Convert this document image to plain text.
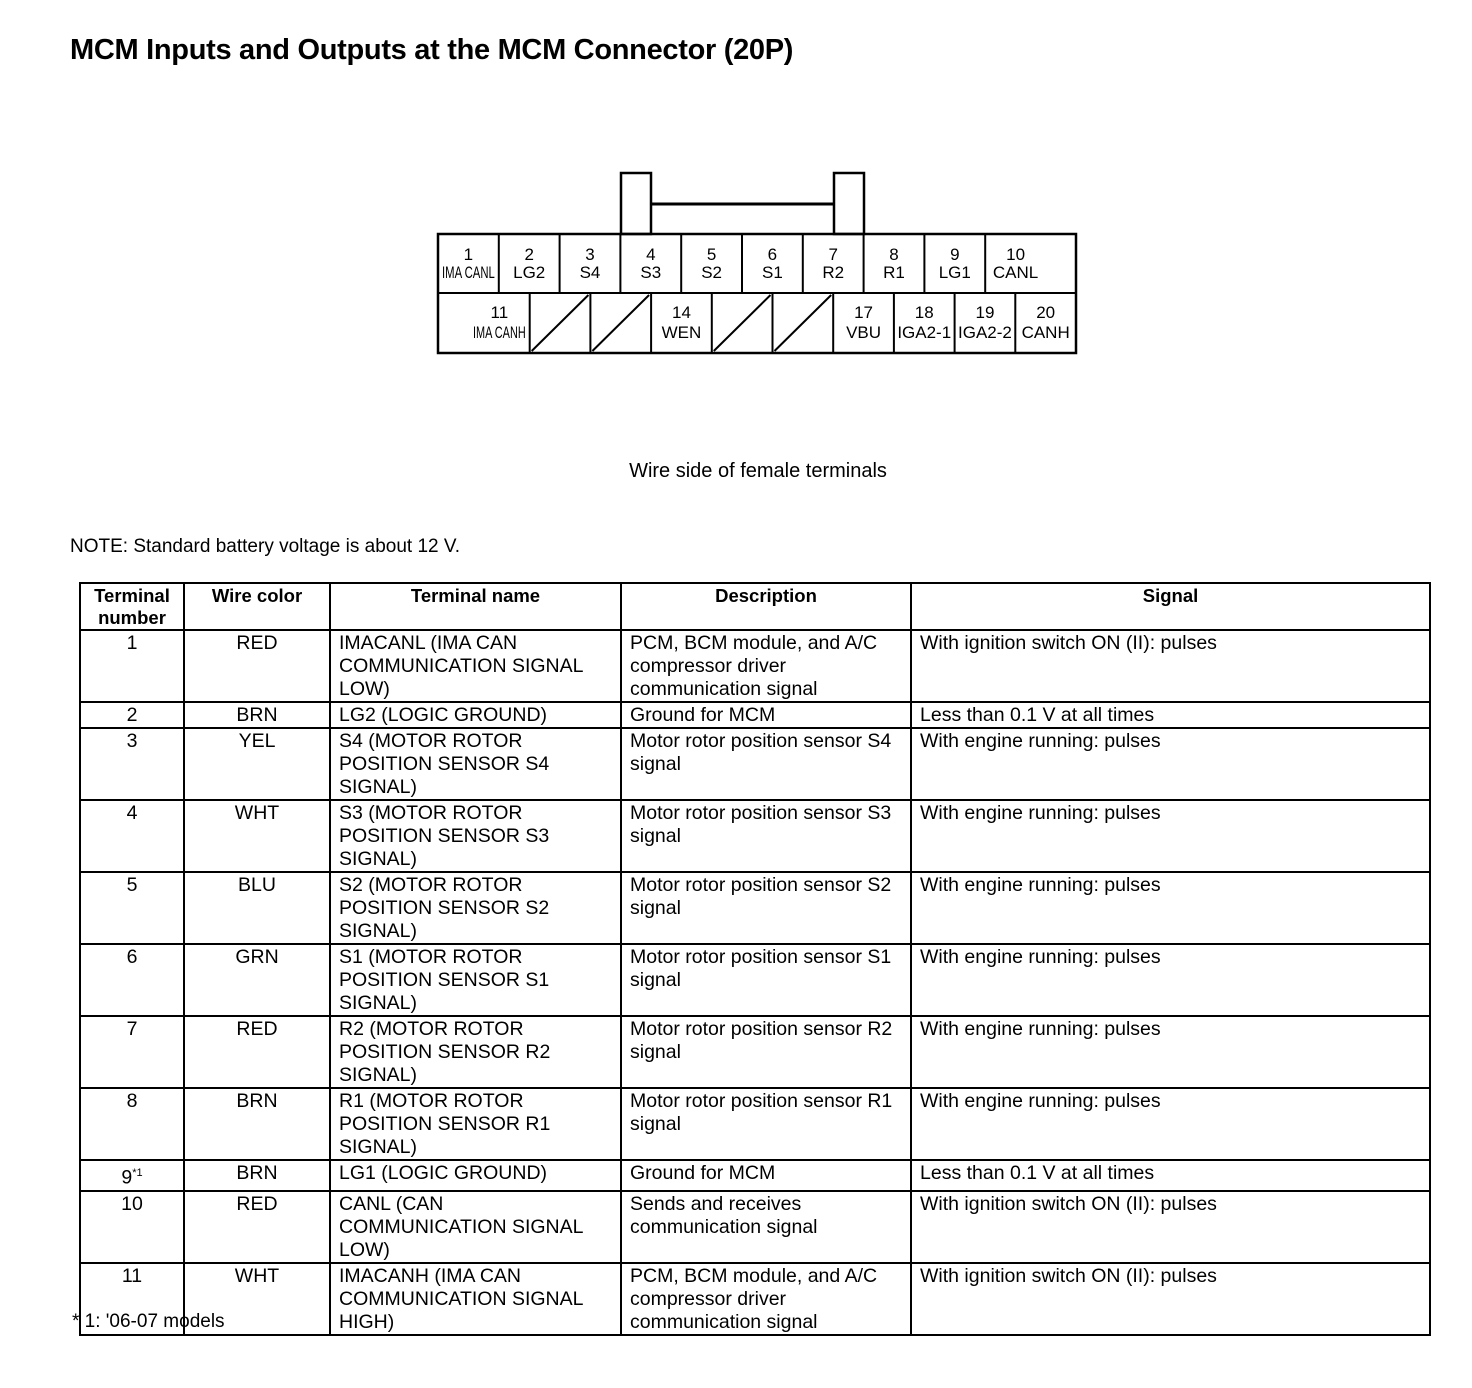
MCM Inputs and Outputs at the MCM Connector (20P)
1
IMA CANL
2
LG2
3
S4
4
S3
5
S2
6
S1
7
R2
8
R1
9
LG1
10
CANL
11
IMA CANH
14
WEN
17
VBU
18
IGA2-1
19
IGA2-2
20
CANH
Wire side of female terminals
NOTE: Standard battery voltage is about 12 V.
Terminal number	Wire color	Terminal name	Description	Signal
1	RED	IMACANL (IMA CAN COMMUNICATION SIGNAL LOW)	PCM, BCM module, and A/C compressor driver communication signal	With ignition switch ON (II): pulses
2	BRN	LG2 (LOGIC GROUND)	Ground for MCM	Less than 0.1 V at all times
3	YEL	S4 (MOTOR ROTOR POSITION SENSOR S4 SIGNAL)	Motor rotor position sensor S4 signal	With engine running: pulses
4	WHT	S3 (MOTOR ROTOR POSITION SENSOR S3 SIGNAL)	Motor rotor position sensor S3 signal	With engine running: pulses
5	BLU	S2 (MOTOR ROTOR POSITION SENSOR S2 SIGNAL)	Motor rotor position sensor S2 signal	With engine running: pulses
6	GRN	S1 (MOTOR ROTOR POSITION SENSOR S1 SIGNAL)	Motor rotor position sensor S1 signal	With engine running: pulses
7	RED	R2 (MOTOR ROTOR POSITION SENSOR R2 SIGNAL)	Motor rotor position sensor R2 signal	With engine running: pulses
8	BRN	R1 (MOTOR ROTOR POSITION SENSOR R1 SIGNAL)	Motor rotor position sensor R1 signal	With engine running: pulses
9$^{*1}$	BRN	LG1 (LOGIC GROUND)	Ground for MCM	Less than 0.1 V at all times
10	RED	CANL (CAN COMMUNICATION SIGNAL LOW)	Sends and receives communication signal	With ignition switch ON (II): pulses
11	WHT	IMACANH (IMA CAN COMMUNICATION SIGNAL HIGH)	PCM, BCM module, and A/C compressor driver communication signal	With ignition switch ON (II): pulses
* 1: '06-07 models
